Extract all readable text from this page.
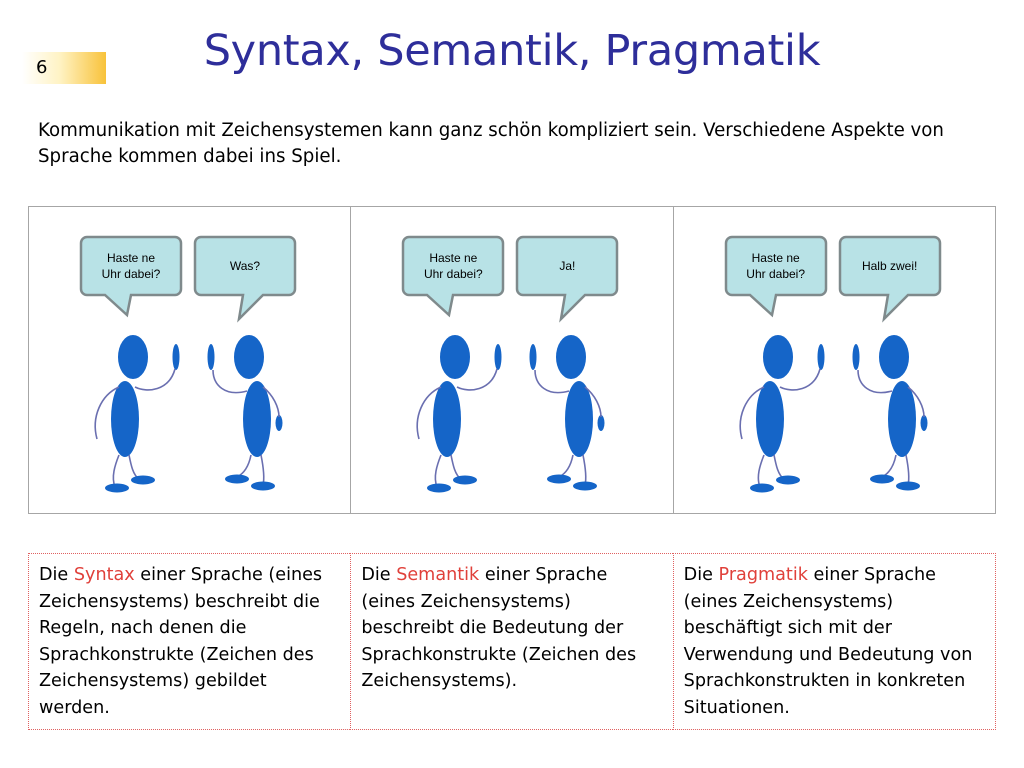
6	Syntax, Semantik, Pragmatik
Kommunikation mit Zeichensystemen kann ganz schön kompliziert sein. Verschiedene Aspekte von Sprache kommen dabei ins Spiel.
Haste ne
Uhr dabei?
Was?
Haste ne
Uhr dabei?
Ja!
Haste ne
Uhr dabei?
Halb zwei!
Die Syntax einer Sprache (eines Zeichensystems) beschreibt die Regeln, nach denen die Sprachkonstrukte (Zeichen des Zeichensystems) gebildet werden.
Die Semantik einer Sprache (eines Zeichensystems) beschreibt die Bedeutung der Sprachkonstrukte (Zeichen des Zeichensystems).
Die Pragmatik einer Sprache (eines Zeichensystems) beschäftigt sich mit der Verwendung und Bedeutung von Sprachkonstrukten in konkreten Situationen.
